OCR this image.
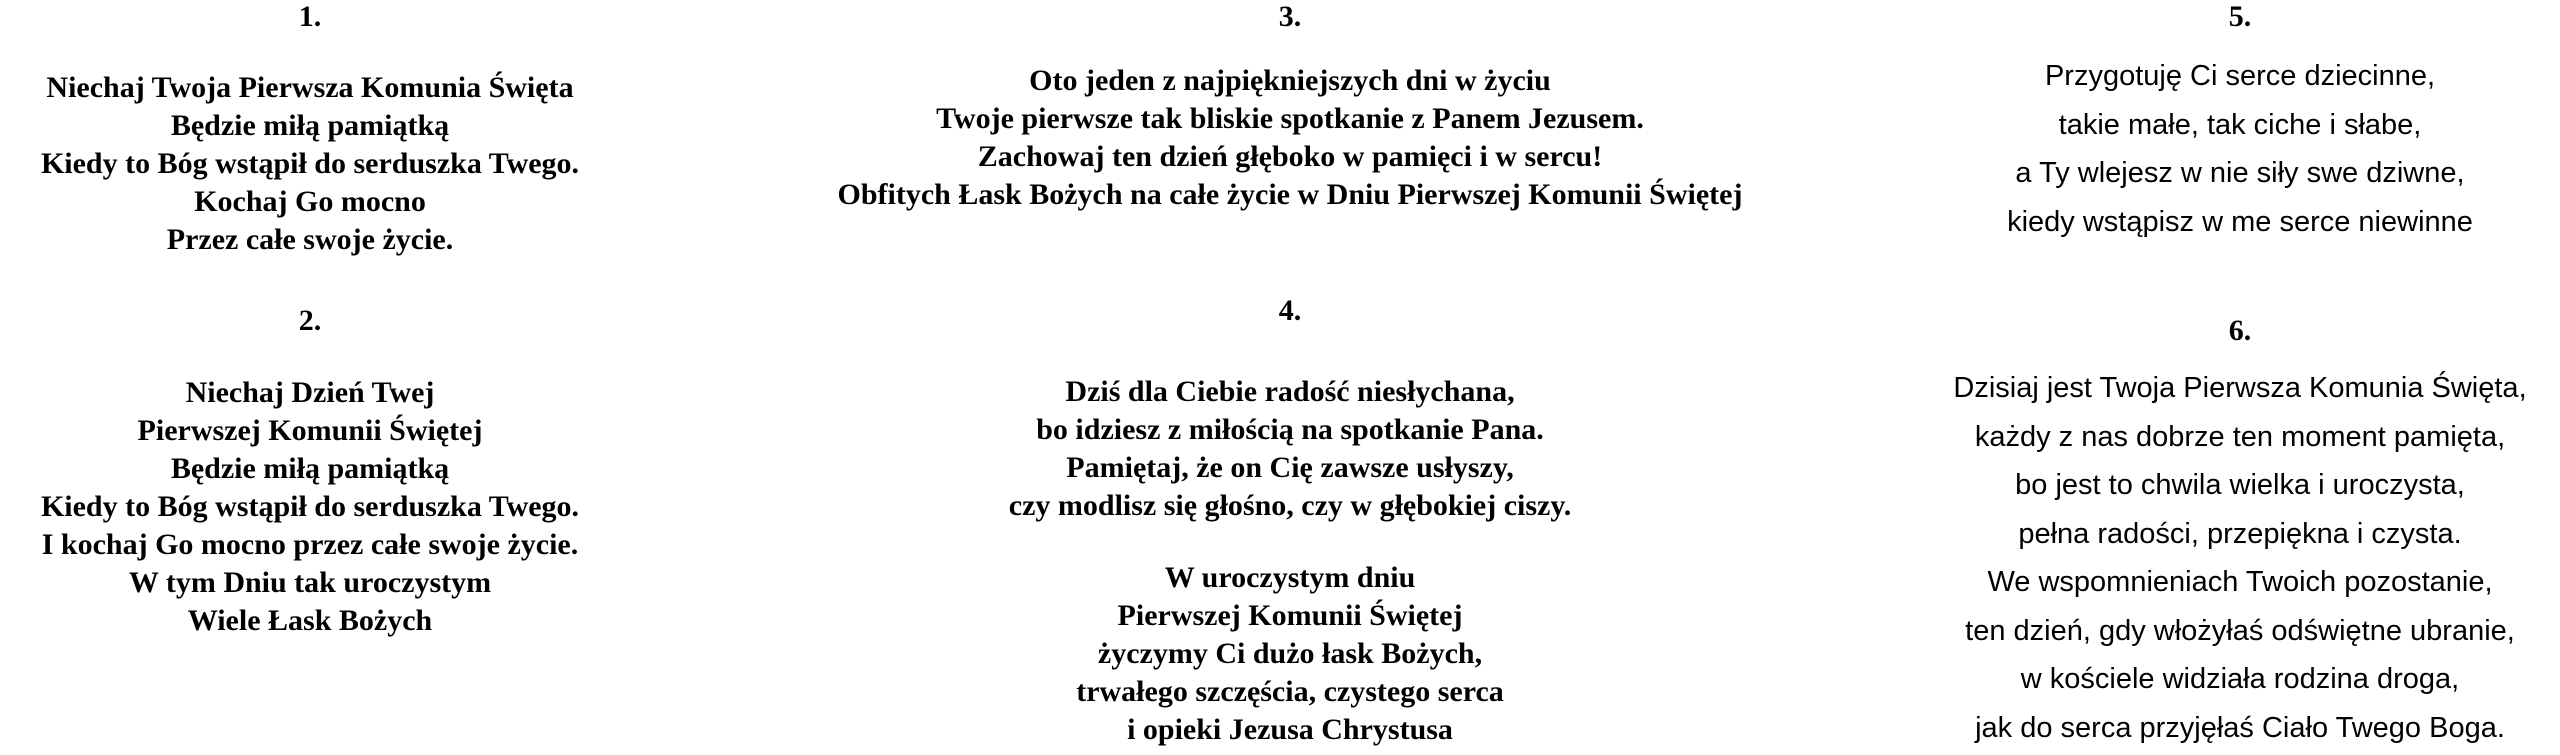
1.
Niechaj Twoja Pierwsza Komunia Święta
Będzie miłą pamiątką
Kiedy to Bóg wstąpił do serduszka Twego.
Kochaj Go mocno
Przez całe swoje życie.
2.
Niechaj Dzień Twej
Pierwszej Komunii Świętej
Będzie miłą pamiątką
Kiedy to Bóg wstąpił do serduszka Twego.
I kochaj Go mocno przez całe swoje życie.
W tym Dniu tak uroczystym
Wiele Łask Bożych
3.
Oto jeden z najpiękniejszych dni w życiu
Twoje pierwsze tak bliskie spotkanie z Panem Jezusem.
Zachowaj ten dzień głęboko w pamięci i w sercu!
Obfitych Łask Bożych na całe życie w Dniu Pierwszej Komunii Świętej
4.
Dziś dla Ciebie radość niesłychana,
bo idziesz z miłością na spotkanie Pana.
Pamiętaj, że on Cię zawsze usłyszy,
czy modlisz się głośno, czy w głębokiej ciszy.
W uroczystym dniu
Pierwszej Komunii Świętej
życzymy Ci dużo łask Bożych,
trwałego szczęścia, czystego serca
i opieki Jezusa Chrystusa
5.
Przygotuję Ci serce dziecinne,
takie małe, tak ciche i słabe,
a Ty wlejesz w nie siły swe dziwne,
kiedy wstąpisz w me serce niewinne
6.
Dzisiaj jest Twoja Pierwsza Komunia Święta,
każdy z nas dobrze ten moment pamięta,
bo jest to chwila wielka i uroczysta,
pełna radości, przepiękna i czysta.
We wspomnieniach Twoich pozostanie,
ten dzień, gdy włożyłaś odświętne ubranie,
w kościele widziała rodzina droga,
jak do serca przyjęłaś Ciało Twego Boga.
